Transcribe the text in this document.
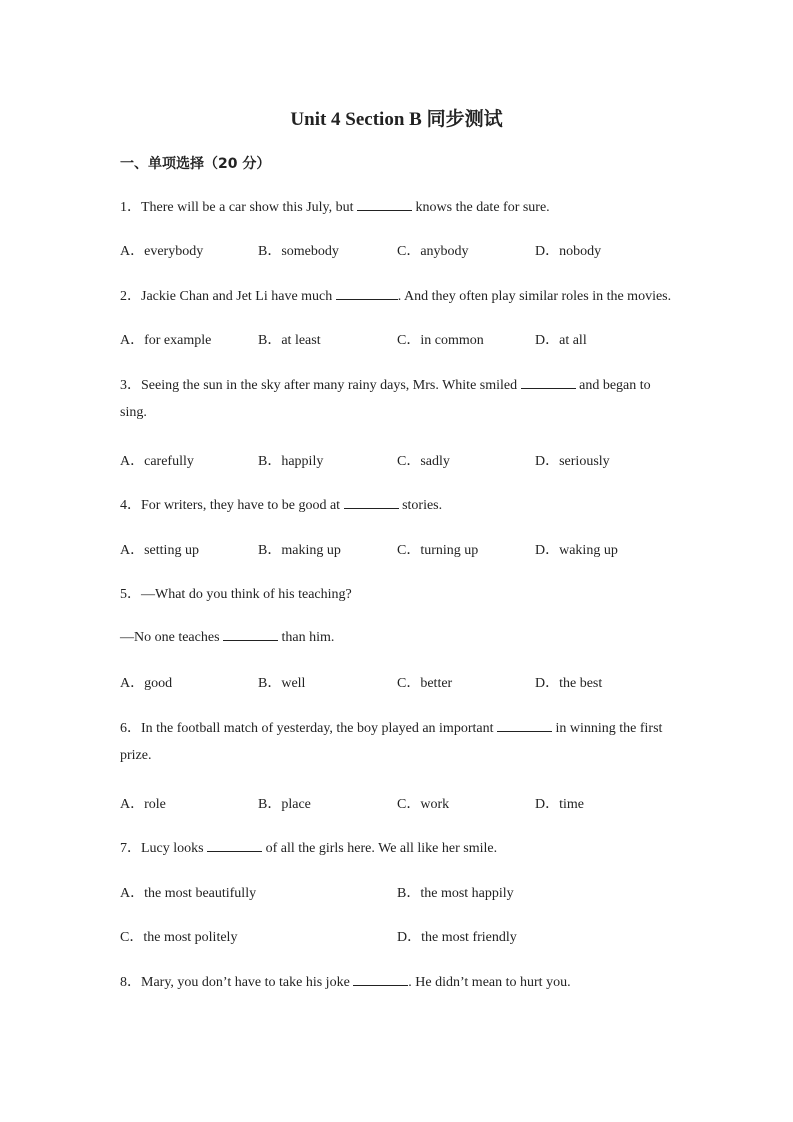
Unit 4 Section B 同步测试
一、单项选择（20 分）
1．There will be a car show this July, but	knows the date for sure.
A．everybody	B．somebody	C．anybody	D．nobody
2．Jackie Chan and Jet Li have much	. And they often play similar roles in the movies.
A．for example	B．at least	C．in common	D．at all
3．Seeing the sun in the sky after many rainy days, Mrs. White smiled	and began to
sing.
A．carefully	B．happily	C．sadly	D．seriously
4．For writers, they have to be good at	stories.
A．setting up	B．making up	C．turning up	D．waking up
5．—What do you think of his teaching?
—No one teaches	than him.
A．good	B．well	C．better	D．the best
6．In the football match of yesterday, the boy played an important	in winning the first
prize.
A．role	B．place	C．work	D．time
7．Lucy looks	of all the girls here. We all like her smile.
A．the most beautifully	B．the most happily
C．the most politely	D．the most friendly
8．Mary, you don’t have to take his joke	. He didn’t mean to hurt you.
